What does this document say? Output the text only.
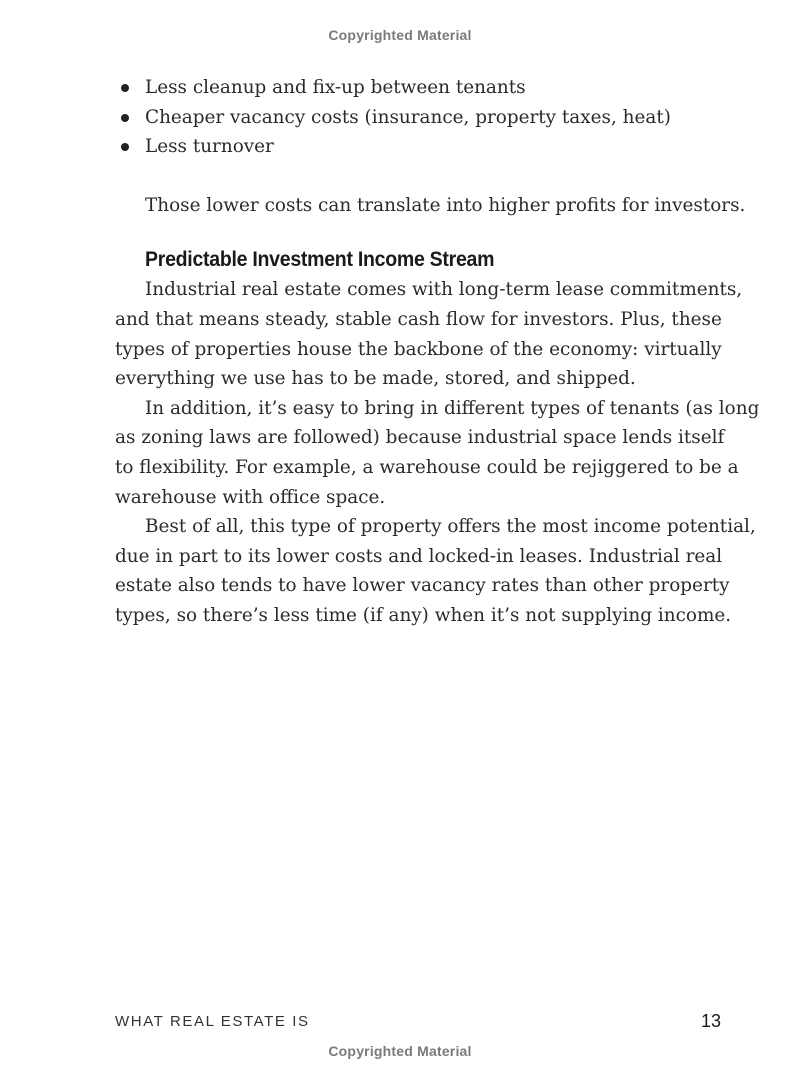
Copyrighted Material
Less cleanup and fix-up between tenants
Cheaper vacancy costs (insurance, property taxes, heat)
Less turnover

Those lower costs can translate into higher profits for investors.

Predictable Investment Income Stream

Industrial real estate comes with long-term lease commitments,
and that means steady, stable cash flow for investors. Plus, these
types of properties house the backbone of the economy: virtually
everything we use has to be made, stored, and shipped.

In addition, it’s easy to bring in different types of tenants (as long
as zoning laws are followed) because industrial space lends itself
to flexibility. For example, a warehouse could be rejiggered to be a
warehouse with office space.

Best of all, this type of property offers the most income potential,
due in part to its lower costs and locked-in leases. Industrial real
estate also tends to have lower vacancy rates than other property
types, so there’s less time (if any) when it’s not supplying income.

WHAT REAL ESTATE IS	13
Copyrighted Material
